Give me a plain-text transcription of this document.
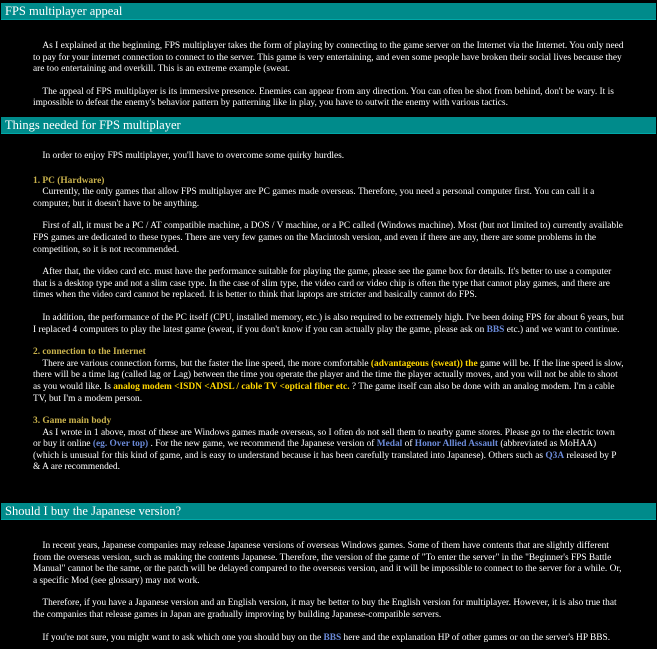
FPS multiplayer appeal

As I explained at the beginning, FPS multiplayer takes the form of playing by connecting to the game server on the Internet via the Internet. You only need to pay for your internet connection to connect to the server. This game is very entertaining, and even some people have broken their social lives because they are too entertaining and overkill. This is an extreme example (sweat.

The appeal of FPS multiplayer is its immersive presence. Enemies can appear from any direction. You can often be shot from behind, don't be wary. It is impossible to defeat the enemy's behavior pattern by patterning like in play, you have to outwit the enemy with various tactics.

Things needed for FPS multiplayer

In order to enjoy FPS multiplayer, you'll have to overcome some quirky hurdles.

1. PC (Hardware)

Currently, the only games that allow FPS multiplayer are PC games made overseas. Therefore, you need a personal computer first. You can call it a computer, but it doesn't have to be anything.

First of all, it must be a PC / AT compatible machine, a DOS / V machine, or a PC called (Windows machine). Most (but not limited to) currently available FPS games are dedicated to these types. There are very few games on the Macintosh version, and even if there are any, there are some problems in the competition, so it is not recommended.

After that, the video card etc. must have the performance suitable for playing the game, please see the game box for details. It's better to use a computer that is a desktop type and not a slim case type. In the case of slim type, the video card or video chip is often the type that cannot play games, and there are times when the video card cannot be replaced. It is better to think that laptops are stricter and basically cannot do FPS.

In addition, the performance of the PC itself (CPU, installed memory, etc.) is also required to be extremely high. I've been doing FPS for about 6 years, but I replaced 4 computers to play the latest game (sweat, if you don't know if you can actually play the game, please ask on BBS etc.) and we want to continue.

2. connection to the Internet

There are various connection forms, but the faster the line speed, the more comfortable (advantageous (sweat)) the game will be. If the line speed is slow, there will be a time lag (called lag or Lag) between the time you operate the player and the time the player actually moves, and you will not be able to shoot as you would like. Is analog modem <ISDN <ADSL / cable TV <optical fiber etc. ? The game itself can also be done with an analog modem. I'm a cable TV, but I'm a modem person.

3. Game main body

As I wrote in 1 above, most of these are Windows games made overseas, so I often do not sell them to nearby game stores. Please go to the electric town or buy it online (eg. Over top) . For the new game, we recommend the Japanese version of Medal of Honor Allied Assault (abbreviated as MoHAA) (which is unusual for this kind of game, and is easy to understand because it has been carefully translated into Japanese). Others such as Q3A released by P & A are recommended.

Should I buy the Japanese version?

In recent years, Japanese companies may release Japanese versions of overseas Windows games. Some of them have contents that are slightly different from the overseas version, such as making the contents Japanese. Therefore, the version of the game of "To enter the server" in the "Beginner's FPS Battle Manual" cannot be the same, or the patch will be delayed compared to the overseas version, and it will be impossible to connect to the server for a while. Or, a specific Mod (see glossary) may not work.

Therefore, if you have a Japanese version and an English version, it may be better to buy the English version for multiplayer. However, it is also true that the companies that release games in Japan are gradually improving by building Japanese-compatible servers.

If you're not sure, you might want to ask which one you should buy on the BBS here and the explanation HP of other games or on the server's HP BBS.
